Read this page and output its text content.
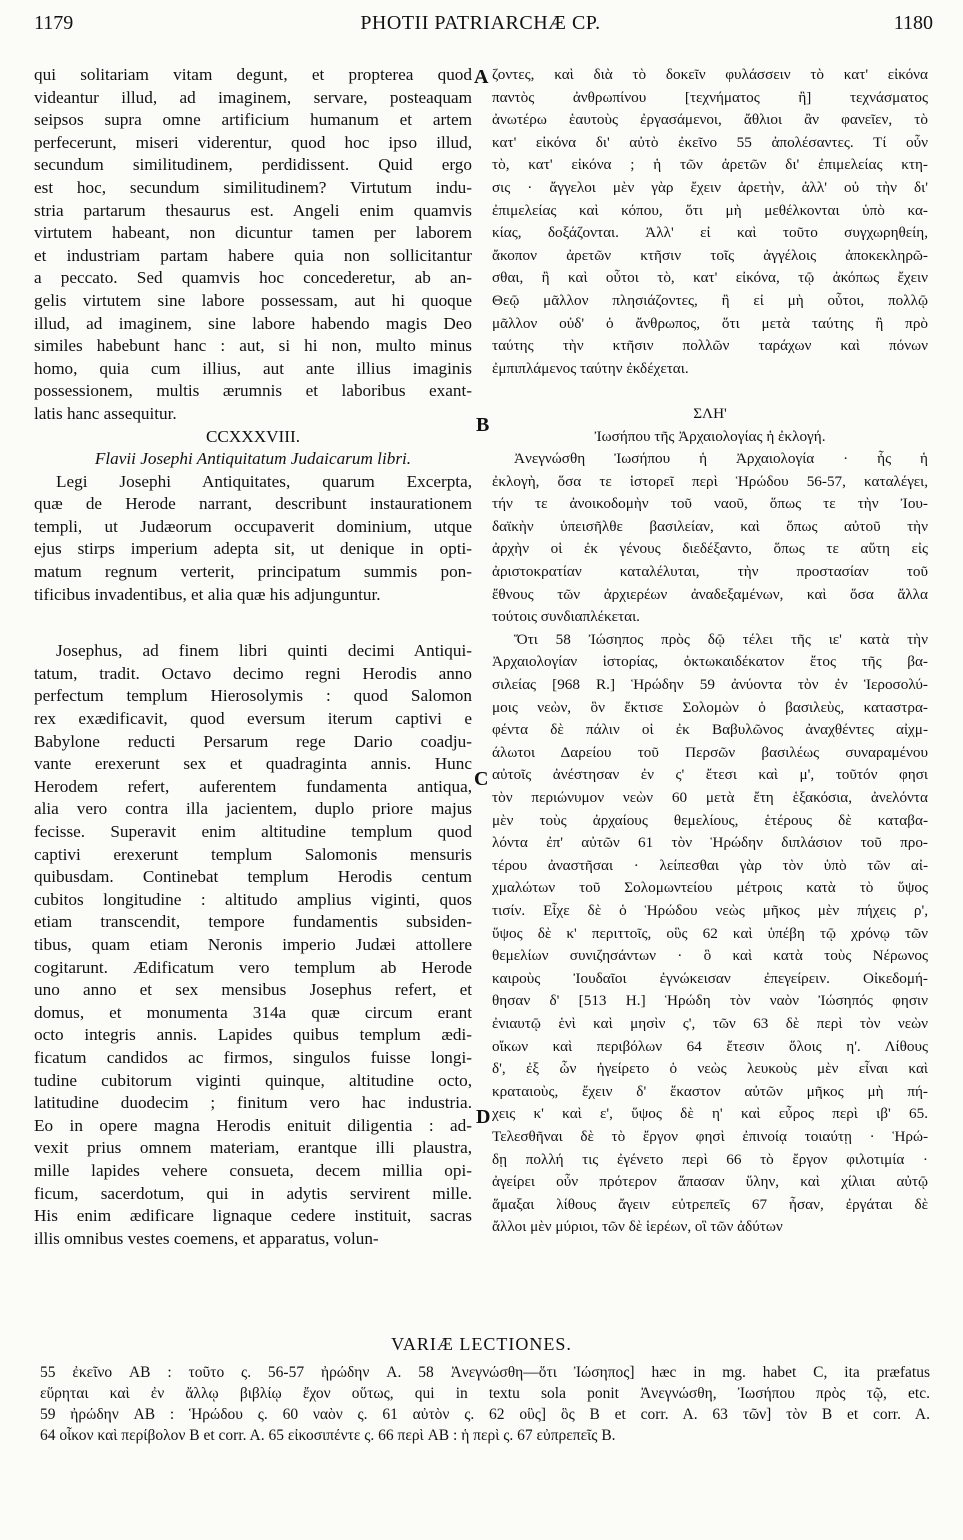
1179	PHOTII PATRIARCHÆ CP.	1180
A
B
C
D
qui solitariam vitam degunt, et propterea quod
videantur illud, ad imaginem, servare, posteaquam
seipsos supra omne artificium humanum et artem
perfecerunt, miseri viderentur, quod hoc ipso illud,
secundum similitudinem, perdidissent. Quid ergo
est hoc, secundum similitudinem? Virtutum indu-
stria partarum thesaurus est. Angeli enim quamvis
virtutem habeant, non dicuntur tamen per laborem
et industriam partam habere quia non sollicitantur
a peccato. Sed quamvis hoc concederetur, ab an-
gelis virtutem sine labore possessam, aut hi quoque
illud, ad imaginem, sine labore habendo magis Deo
similes habebunt hanc : aut, si hi non, multo minus
homo, quia cum illius, aut ante illius imaginis
possessionem, multis ærumnis et laboribus exant-
latis hanc assequitur.
CCXXXVIII.
Flavii Josephi Antiquitatum Judaicarum libri.
Legi Josephi Antiquitates, quarum Excerpta,
quæ de Herode narrant, describunt instaurationem
templi, ut Judæorum occupaverit dominium, utque
ejus stirps imperium adepta sit, ut denique in opti-
matum regnum verterit, principatum summis pon-
tificibus invadentibus, et alia quæ his adjunguntur.
Josephus, ad finem libri quinti decimi Antiqui-
tatum, tradit. Octavo decimo regni Herodis anno
perfectum templum Hierosolymis : quod Salomon
rex exædificavit, quod eversum iterum captivi e
Babylone reducti Persarum rege Dario coadju-
vante erexerunt sex et quadraginta annis. Hunc
Herodem refert, auferentem fundamenta antiqua,
alia vero contra illa jacientem, duplo priore majus
fecisse. Superavit enim altitudine templum quod
captivi erexerunt templum Salomonis mensuris
quibusdam. Continebat templum Herodis centum
cubitos longitudine : altitudo amplius viginti, quos
etiam transcendit, tempore fundamentis subsiden-
tibus, quam etiam Neronis imperio Judæi attollere
cogitarunt. Ædificatum vero templum ab Herode
uno anno et sex mensibus Josephus refert, et
domus, et monumenta 314a quæ circum erant
octo integris annis. Lapides quibus templum ædi-
ficatum candidos ac firmos, singulos fuisse longi-
tudine cubitorum viginti quinque, altitudine octo,
latitudine duodecim ; finitum vero hac industria.
Eo in opere magna Herodis enituit diligentia : ad-
vexit prius omnem materiam, erantque illi plaustra,
mille lapides vehere consueta, decem millia opi-
ficum, sacerdotum, qui in adytis servirent mille.
His enim ædificare lignaque cedere instituit, sacras
illis omnibus vestes coemens, et apparatus, volun-
ζοντες, καὶ διὰ τὸ δοκεῖν φυλάσσειν τὸ κατ' εἰκόνα
παντὸς ἀνθρωπίνου [τεχνήματος ἢ] τεχνάσματος
ἀνωτέρω ἑαυτοὺς ἐργασάμενοι, ἄθλιοι ἂν φανεῖεν, τὸ
κατ' εἰκόνα δι' αὐτὸ ἐκεῖνο 55 ἀπολέσαντες. Τί οὖν
τὸ, κατ' εἰκόνα ; ἡ τῶν ἀρετῶν δι' ἐπιμελείας κτη-
σις · ἄγγελοι μὲν γὰρ ἔχειν ἀρετὴν, ἀλλ' οὐ τὴν δι'
ἐπιμελείας καὶ κόπου, ὅτι μὴ μεθέλκονται ὑπὸ κα-
κίας, δοξάζονται. Ἀλλ' εἰ καὶ τοῦτο συγχωρηθείη,
ἄκοπον ἀρετῶν κτῆσιν τοῖς ἀγγέλοις ἀποκεκληρῶ-
σθαι, ἢ καὶ οὗτοι τὸ, κατ' εἰκόνα, τῷ ἀκόπως ἔχειν
Θεῷ μᾶλλον πλησιάζοντες, ἢ εἰ μὴ οὗτοι, πολλῷ
μᾶλλον οὐδ' ὁ ἄνθρωπος, ὅτι μετὰ ταύτης ἢ πρὸ
ταύτης τὴν κτῆσιν πολλῶν ταράχων καὶ πόνων
ἐμπιπλάμενος ταύτην ἐκδέχεται.
ΣΛΗ'
Ἰωσήπου τῆς Ἀρχαιολογίας ἡ ἐκλογή.
Ἀνεγνώσθη Ἰωσήπου ἡ Ἀρχαιολογία · ἧς ἡ
ἐκλογὴ, ὅσα τε ἱστορεῖ περὶ Ἡρώδου 56-57, καταλέγει,
τήν τε ἀνοικοδομὴν τοῦ ναοῦ, ὅπως τε τὴν Ἰου-
δαϊκὴν ὑπεισῆλθε βασιλείαν, καὶ ὅπως αὐτοῦ τὴν
ἀρχὴν οἱ ἐκ γένους διεδέξαντο, ὅπως τε αὕτη εἰς
ἀριστοκρατίαν καταλέλυται, τὴν προστασίαν τοῦ
ἔθνους τῶν ἀρχιερέων ἀναδεξαμένων, καὶ ὅσα ἄλλα
τούτοις συνδιαπλέκεται.
Ὅτι 58 Ἰώσηπος πρὸς δῷ τέλει τῆς ιε' κατὰ τὴν
Ἀρχαιολογίαν ἱστορίας, ὀκτωκαιδέκατον ἔτος τῆς βα-
σιλείας [968 R.] Ἡρώδην 59 ἀνύοντα τὸν ἐν Ἱεροσολύ-
μοις νεὼν, ὃν ἔκτισε Σολομὼν ὁ βασιλεὺς, καταστρα-
φέντα δὲ πάλιν οἱ ἐκ Βαβυλῶνος ἀναχθέντες αἰχμ-
άλωτοι Δαρείου τοῦ Περσῶν βασιλέως συναραμένου
αὐτοῖς ἀνέστησαν ἐν ς' ἔτεσι καὶ μ', τοῦτόν φησι
τὸν περιώνυμον νεὼν 60 μετὰ ἔτη ἑξακόσια, ἀνελόντα
μὲν τοὺς ἀρχαίους θεμελίους, ἑτέρους δὲ καταβα-
λόντα ἐπ' αὐτῶν 61 τὸν Ἡρώδην διπλάσιον τοῦ προ-
τέρου ἀναστῆσαι · λείπεσθαι γὰρ τὸν ὑπὸ τῶν αἰ-
χμαλώτων τοῦ Σολομωντείου μέτροις κατὰ τὸ ὕψος
τισίν. Εἶχε δὲ ὁ Ἡρώδου νεὼς μῆκος μὲν πήχεις ρ',
ὕψος δὲ κ' περιττοῖς, οὓς 62 καὶ ὑπέβη τῷ χρόνῳ τῶν
θεμελίων συνιζησάντων · ὃ καὶ κατὰ τοὺς Νέρωνος
καιροὺς Ἰουδαῖοι ἐγνώκεισαν ἐπεγείρειν. Οἰκεδομή-
θησαν δ' [513 H.] Ἡρώδη τὸν ναὸν Ἰώσηπός φησιν
ἐνιαυτῷ ἑνὶ καὶ μησὶν ς', τῶν 63 δὲ περὶ τὸν νεὼν
οἴκων καὶ περιβόλων 64 ἔτεσιν ὅλοις η'. Λίθους
δ', ἐξ ὧν ἠγείρετο ὁ νεὼς λευκοὺς μὲν εἶναι καὶ
κραταιοὺς, ἔχειν δ' ἕκαστον αὐτῶν μῆκος μὴ πή-
χεις κ' καὶ ε', ὕψος δὲ η' καὶ εὖρος περὶ ιβ' 65.
Τελεσθῆναι δὲ τὸ ἔργον φησὶ ἐπινοίᾳ τοιαύτῃ · Ἡρώ-
δῃ πολλή τις ἐγένετο περὶ 66 τὸ ἔργον φιλοτιμία ·
ἀγείρει οὖν πρότερον ἅπασαν ὕλην, καὶ χίλιαι αὐτῷ
ἅμαξαι λίθους ἄγειν εὐτρεπεῖς 67 ἦσαν, ἐργάται δὲ
ἄλλοι μὲν μύριοι, τῶν δὲ ἱερέων, οἳ τῶν ἀδύτων
VARIÆ LECTIONES.
55 ἐκεῖνο AB : τοῦτο ς. 56-57 ἠρώδην A. 58 Ἀνεγνώσθη—ὅτι Ἰώσηπος] hæc in mg. habet C, ita præfatus
εὕρηται καὶ ἐν ἄλλῳ βιβλίῳ ἔχον οὕτως, qui in textu sola ponit Ἀνεγνώσθη, Ἰωσήπου πρὸς τῷ, etc.
59 ἠρώδην AB : Ἡρώδου ς. 60 ναὸν ς. 61 αὐτὸν ς. 62 οὓς] ὃς B et corr. A. 63 τῶν] τὸν B et corr. A.
64 οἶκον καὶ περίβολον B et corr. A. 65 εἰκοσιπέντε ς. 66 περὶ AB : ἡ περὶ ς. 67 εὐπρεπεῖς B.
